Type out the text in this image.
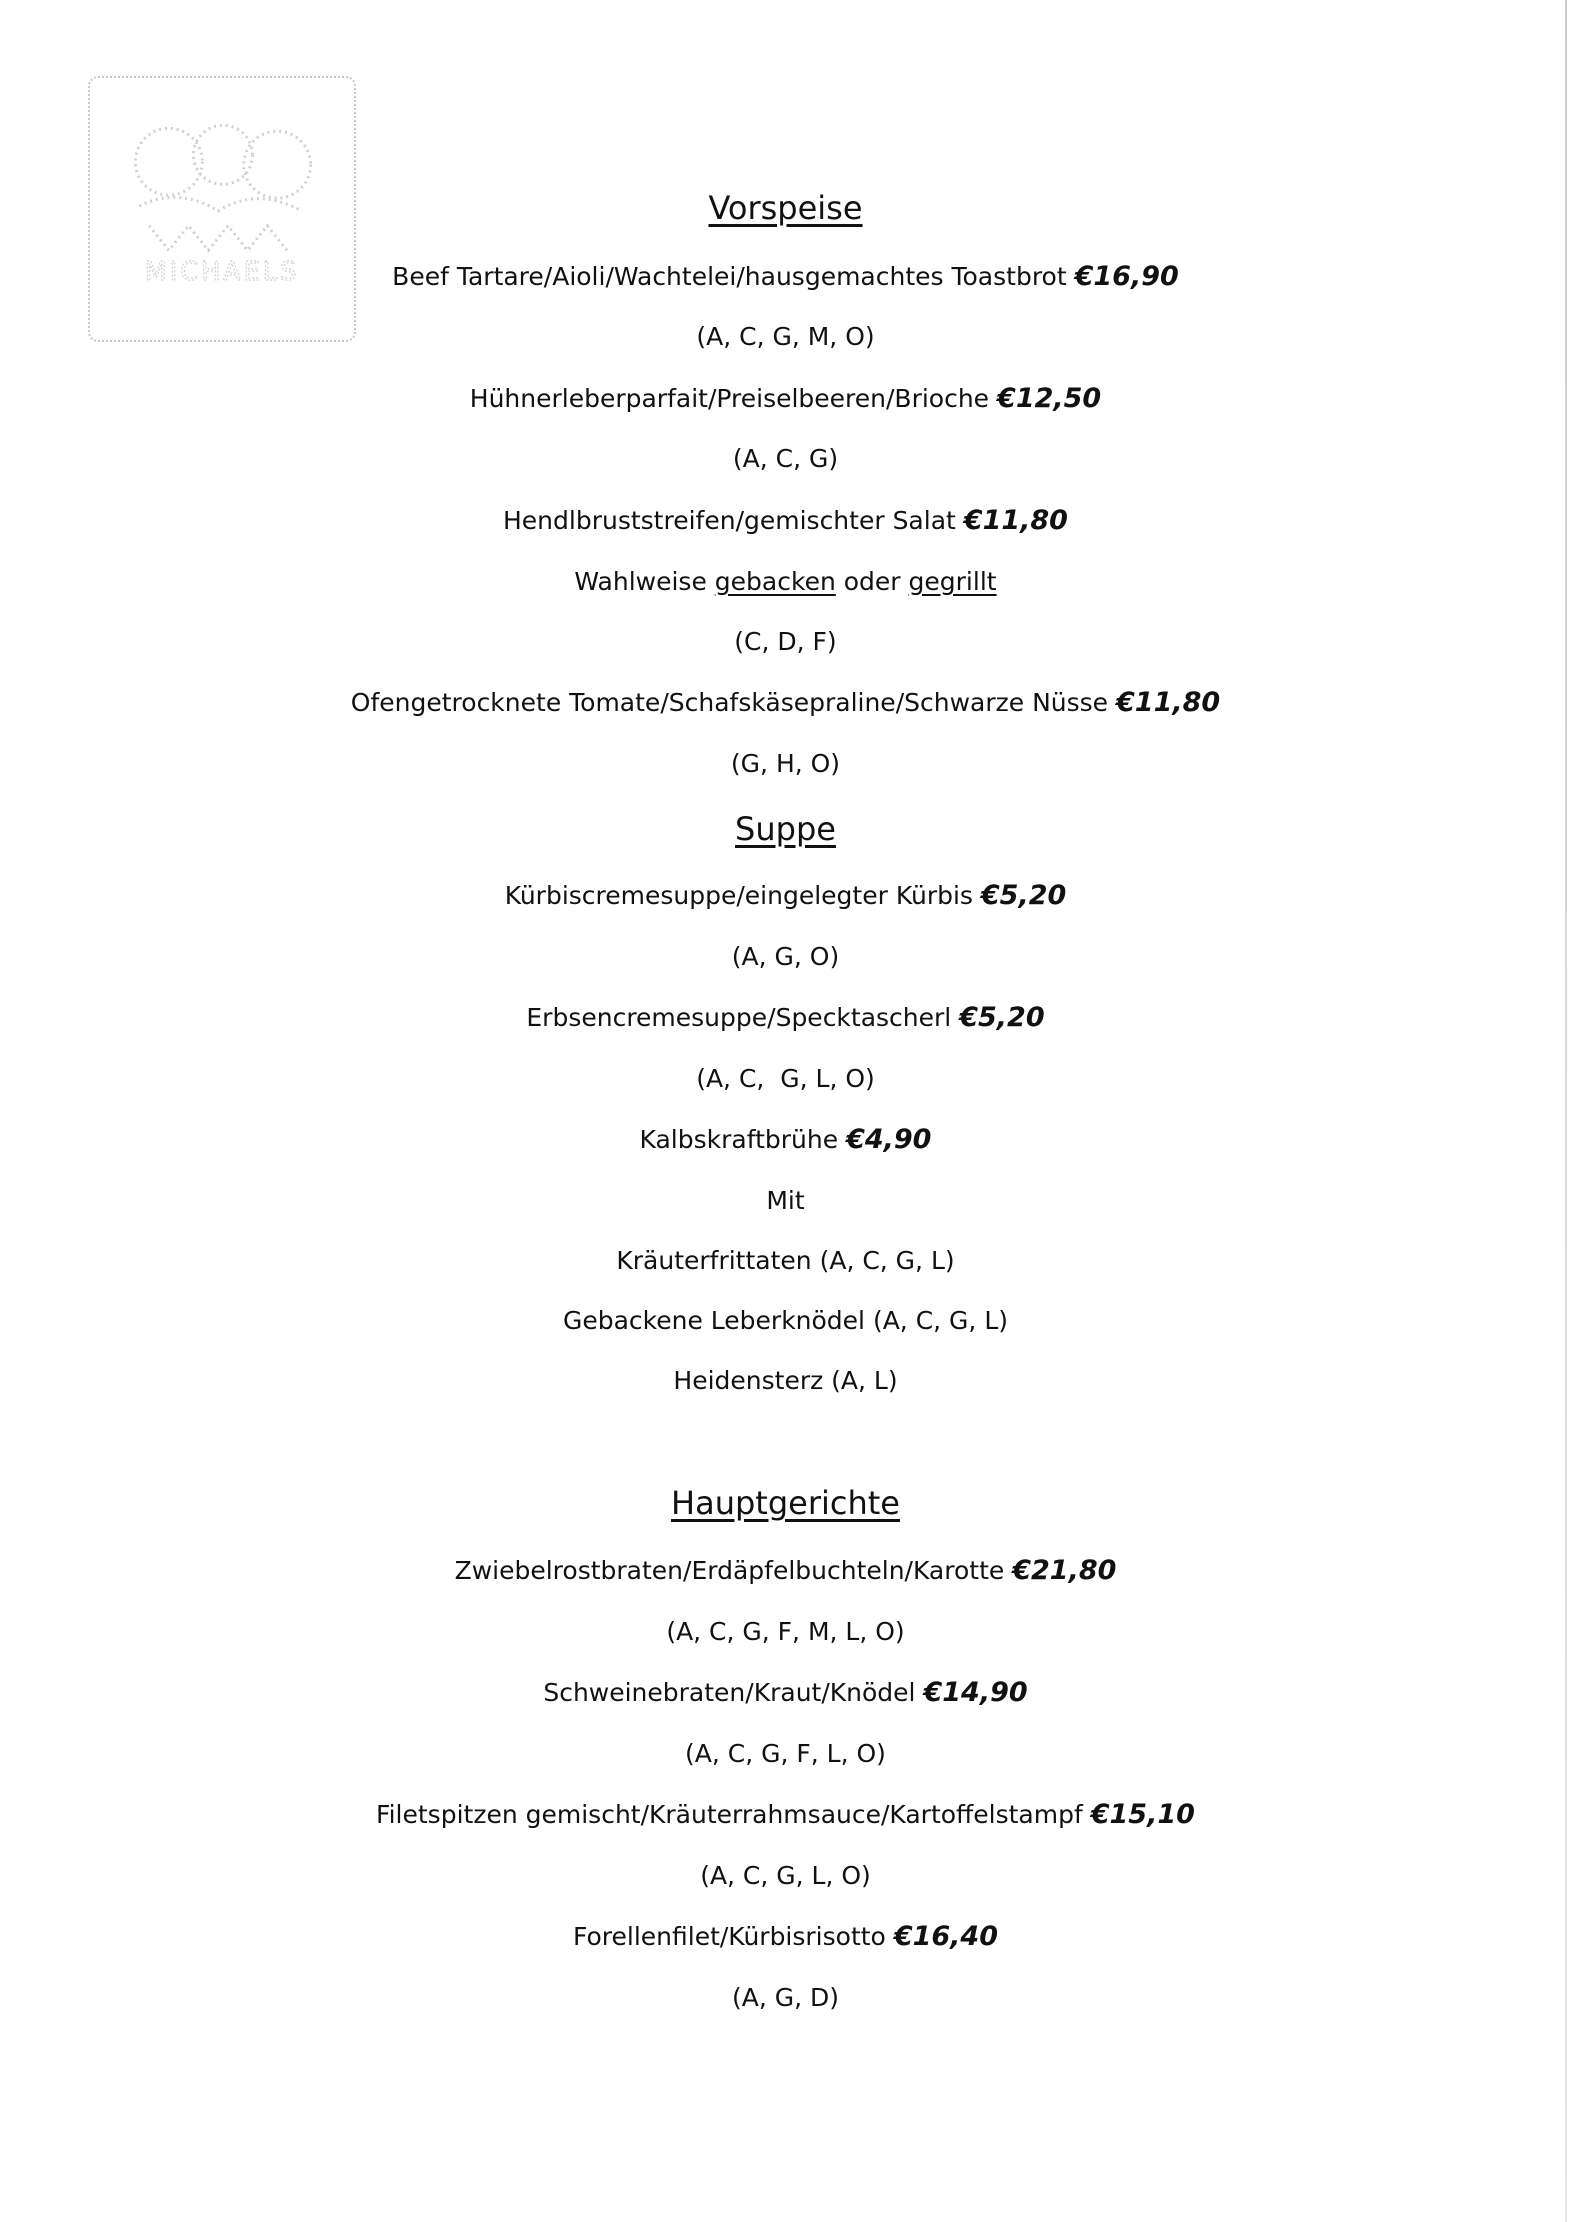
MICHAELS
Vorspeise
Beef Tartare/Aioli/Wachtelei/hausgemachtes Toastbrot €16,90
(A, C, G, M, O)
Hühnerleberparfait/Preiselbeeren/Brioche €12,50
(A, C, G)
Hendlbruststreifen/gemischter Salat €11,80
Wahlweise gebacken oder gegrillt
(C, D, F)
Ofengetrocknete Tomate/Schafskäsepraline/Schwarze Nüsse €11,80
(G, H, O)
Suppe
Kürbiscremesuppe/eingelegter Kürbis €5,20
(A, G, O)
Erbsencremesuppe/Specktascherl €5,20
(A, C,  G, L, O)
Kalbskraftbrühe €4,90
Mit
Kräuterfrittaten (A, C, G, L)
Gebackene Leberknödel (A, C, G, L)
Heidensterz (A, L)
Hauptgerichte
Zwiebelrostbraten/Erdäpfelbuchteln/Karotte €21,80
(A, C, G, F, M, L, O)
Schweinebraten/Kraut/Knödel €14,90
(A, C, G, F, L, O)
Filetspitzen gemischt/Kräuterrahmsauce/Kartoffelstampf €15,10
(A, C, G, L, O)
Forellenfilet/Kürbisrisotto €16,40
(A, G, D)
